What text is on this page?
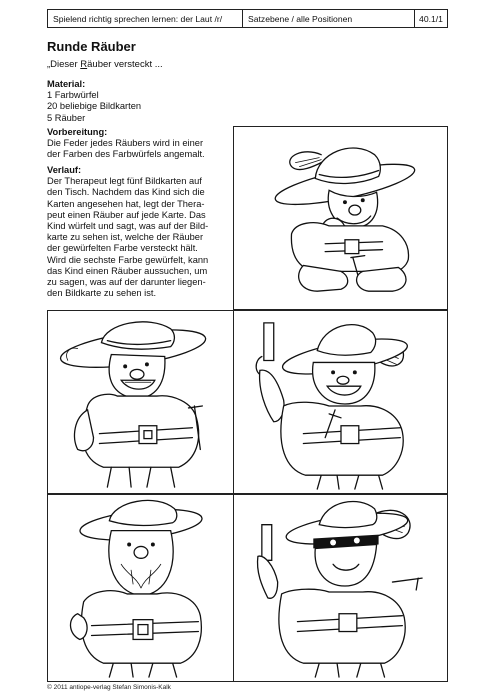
Spielend richtig sprechen lernen: der Laut /r/	Satzebene / alle Positionen	40.1/1
Runde Räuber
„Dieser Räuber versteckt ...
Material:
1 Farbwürfel
20 beliebige Bildkarten
5 Räuber
Vorbereitung:
Die Feder jedes Räubers wird in einer
der Farben des Farbwürfels angemalt.
Verlauf:
Der Therapeut legt fünf Bildkarten auf
den Tisch. Nachdem das Kind sich die
Karten angesehen hat, legt der Thera-
peut einen Räuber auf jede Karte. Das
Kind würfelt und sagt, was auf der Bild-
karte zu sehen ist, welche der Räuber
der gewürfelten Farbe versteckt hält.
Wird die sechste Farbe gewürfelt, kann
das Kind einen Räuber aussuchen, um
zu sagen, was auf der darunter liegen-
den Bildkarte zu sehen ist.
© 2011 antiope-verlag Stefan Simonis-Kalk
